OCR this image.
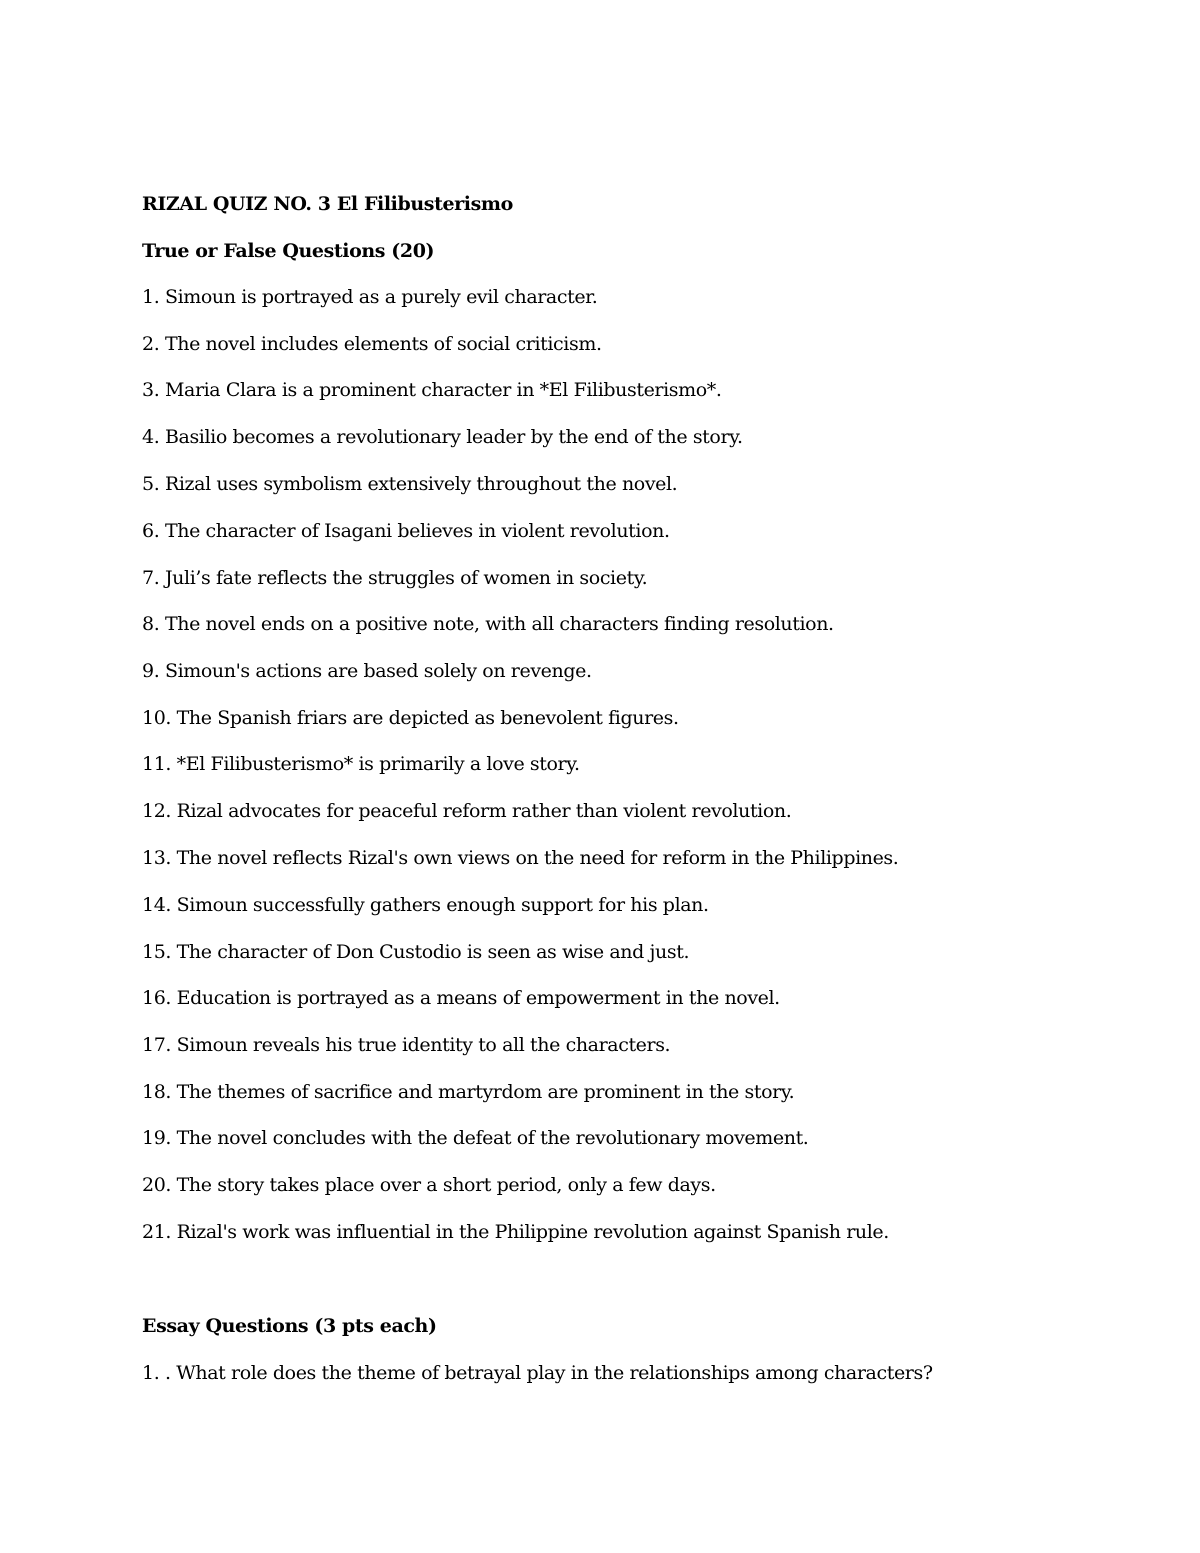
RIZAL QUIZ NO. 3 El Filibusterismo
True or False Questions (20)
1. Simoun is portrayed as a purely evil character.
2. The novel includes elements of social criticism.
3. Maria Clara is a prominent character in *El Filibusterismo*.
4. Basilio becomes a revolutionary leader by the end of the story.
5. Rizal uses symbolism extensively throughout the novel.
6. The character of Isagani believes in violent revolution.
7. Juli’s fate reflects the struggles of women in society.
8. The novel ends on a positive note, with all characters finding resolution.
9. Simoun's actions are based solely on revenge.
10. The Spanish friars are depicted as benevolent figures.
11. *El Filibusterismo* is primarily a love story.
12. Rizal advocates for peaceful reform rather than violent revolution.
13. The novel reflects Rizal's own views on the need for reform in the Philippines.
14. Simoun successfully gathers enough support for his plan.
15. The character of Don Custodio is seen as wise and just.
16. Education is portrayed as a means of empowerment in the novel.
17. Simoun reveals his true identity to all the characters.
18. The themes of sacrifice and martyrdom are prominent in the story.
19. The novel concludes with the defeat of the revolutionary movement.
20. The story takes place over a short period, only a few days.
21. Rizal's work was influential in the Philippine revolution against Spanish rule.
Essay Questions (3 pts each)
1. . What role does the theme of betrayal play in the relationships among characters?
